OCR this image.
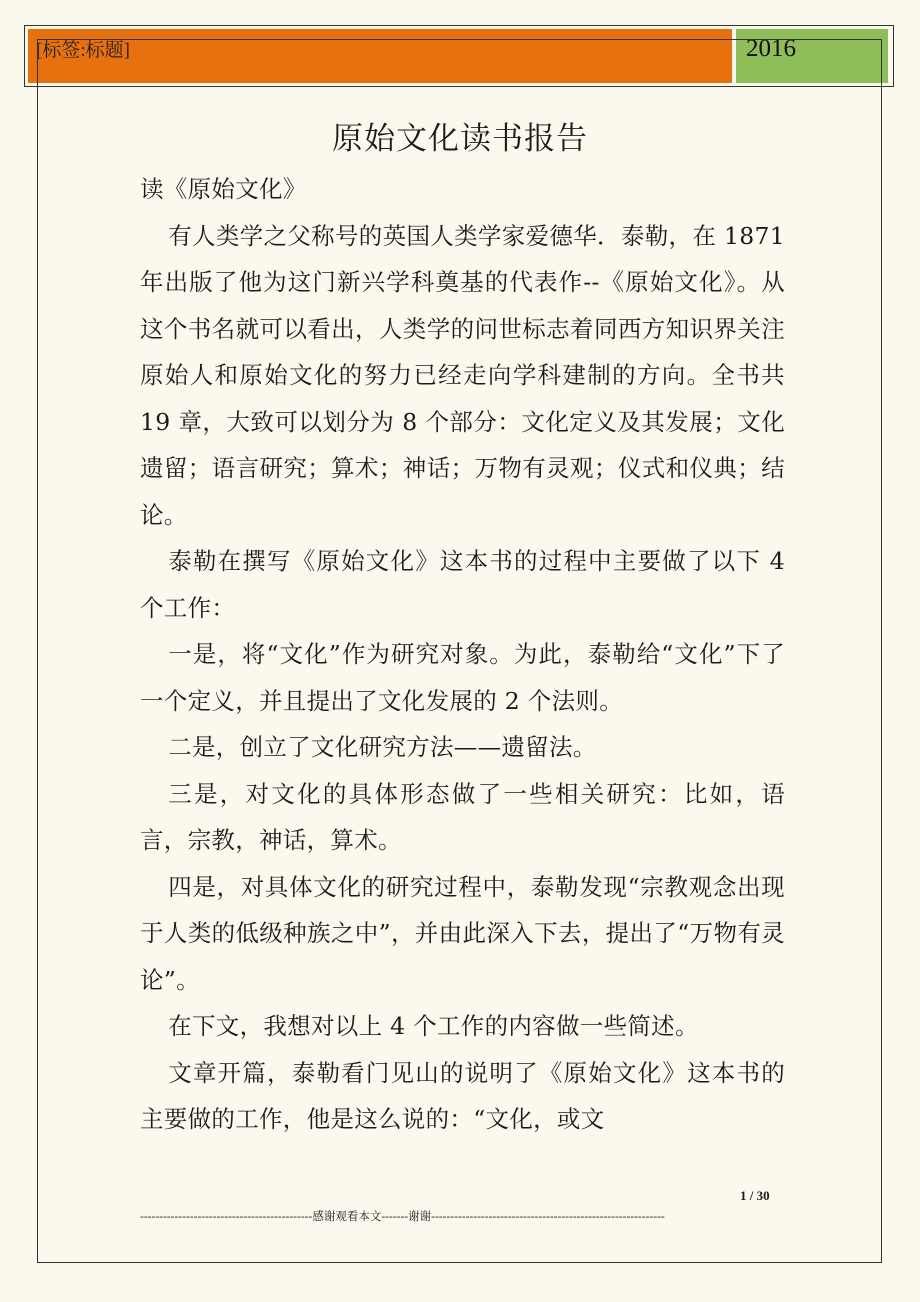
[标签:标题]	2016
原始文化读书报告

读《原始文化》

有人类学之父称号的英国人类学家爱德华．泰勒，在 1871 年出版了他为这门新兴学科奠基的代表作--《原始文化》。从这个书名就可以看出，人类学的问世标志着同西方知识界关注原始人和原始文化的努力已经走向学科建制的方向。全书共 19 章，大致可以划分为 8 个部分：文化定义及其发展；文化遗留；语言研究；算术；神话；万物有灵观；仪式和仪典；结论。

泰勒在撰写《原始文化》这本书的过程中主要做了以下 4 个工作：

一是，将“文化”作为研究对象。为此，泰勒给“文化”下了一个定义，并且提出了文化发展的 2 个法则。

二是，创立了文化研究方法——遗留法。

三是，对文化的具体形态做了一些相关研究：比如，语言，宗教，神话，算术。

四是，对具体文化的研究过程中，泰勒发现“宗教观念出现于人类的低级种族之中”，并由此深入下去，提出了“万物有灵论”。

在下文，我想对以上 4 个工作的内容做一些简述。

文章开篇，泰勒看门见山的说明了《原始文化》这本书的主要做的工作，他是这么说的：“文化，或文

1 / 30
---------------------------------------------感谢观看本文-------谢谢-------------------------------------------------------------
